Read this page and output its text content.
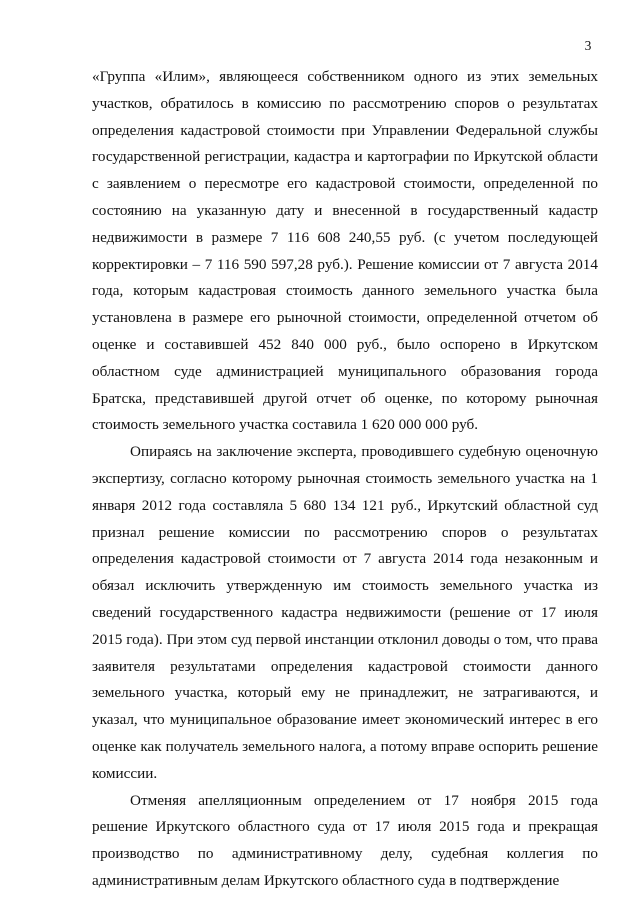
3

«Группа «Илим», являющееся собственником одного из этих земельных участков, обратилось в комиссию по рассмотрению споров о результатах определения кадастровой стоимости при Управлении Федеральной службы государственной регистрации, кадастра и картографии по Иркутской области с заявлением о пересмотре его кадастровой стоимости, определенной по состоянию на указанную дату и внесенной в государственный кадастр недвижимости в размере 7 116 608 240,55 руб. (с учетом последующей корректировки – 7 116 590 597,28 руб.). Решение комиссии от 7 августа 2014 года, которым кадастровая стоимость данного земельного участка была установлена в размере его рыночной стоимости, определенной отчетом об оценке и составившей 452 840 000 руб., было оспорено в Иркутском областном суде администрацией муниципального образования города Братска, представившей другой отчет об оценке, по которому рыночная стоимость земельного участка составила 1 620 000 000 руб.

Опираясь на заключение эксперта, проводившего судебную оценочную экспертизу, согласно которому рыночная стоимость земельного участка на 1 января 2012 года составляла 5 680 134 121 руб., Иркутский областной суд признал решение комиссии по рассмотрению споров о результатах определения кадастровой стоимости от 7 августа 2014 года незаконным и обязал исключить утвержденную им стоимость земельного участка из сведений государственного кадастра недвижимости (решение от 17 июля 2015 года). При этом суд первой инстанции отклонил доводы о том, что права заявителя результатами определения кадастровой стоимости данного земельного участка, который ему не принадлежит, не затрагиваются, и указал, что муниципальное образование имеет экономический интерес в его оценке как получатель земельного налога, а потому вправе оспорить решение комиссии.

Отменяя апелляционным определением от 17 ноября 2015 года решение Иркутского областного суда от 17 июля 2015 года и прекращая производство по административному делу, судебная коллегия по административным делам Иркутского областного суда в подтверждение
